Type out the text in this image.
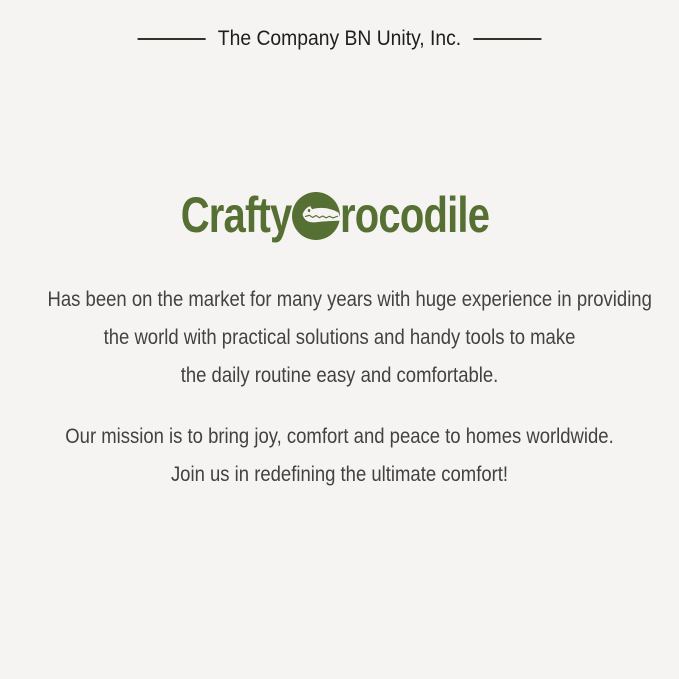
The Company BN Unity, Inc.
Crafty rocodile
Has been on the market for many years with huge experience in providing
the world with practical solutions and handy tools to make
the daily routine easy and comfortable.
Our mission is to bring joy, comfort and peace to homes worldwide.
Join us in redefining the ultimate comfort!
